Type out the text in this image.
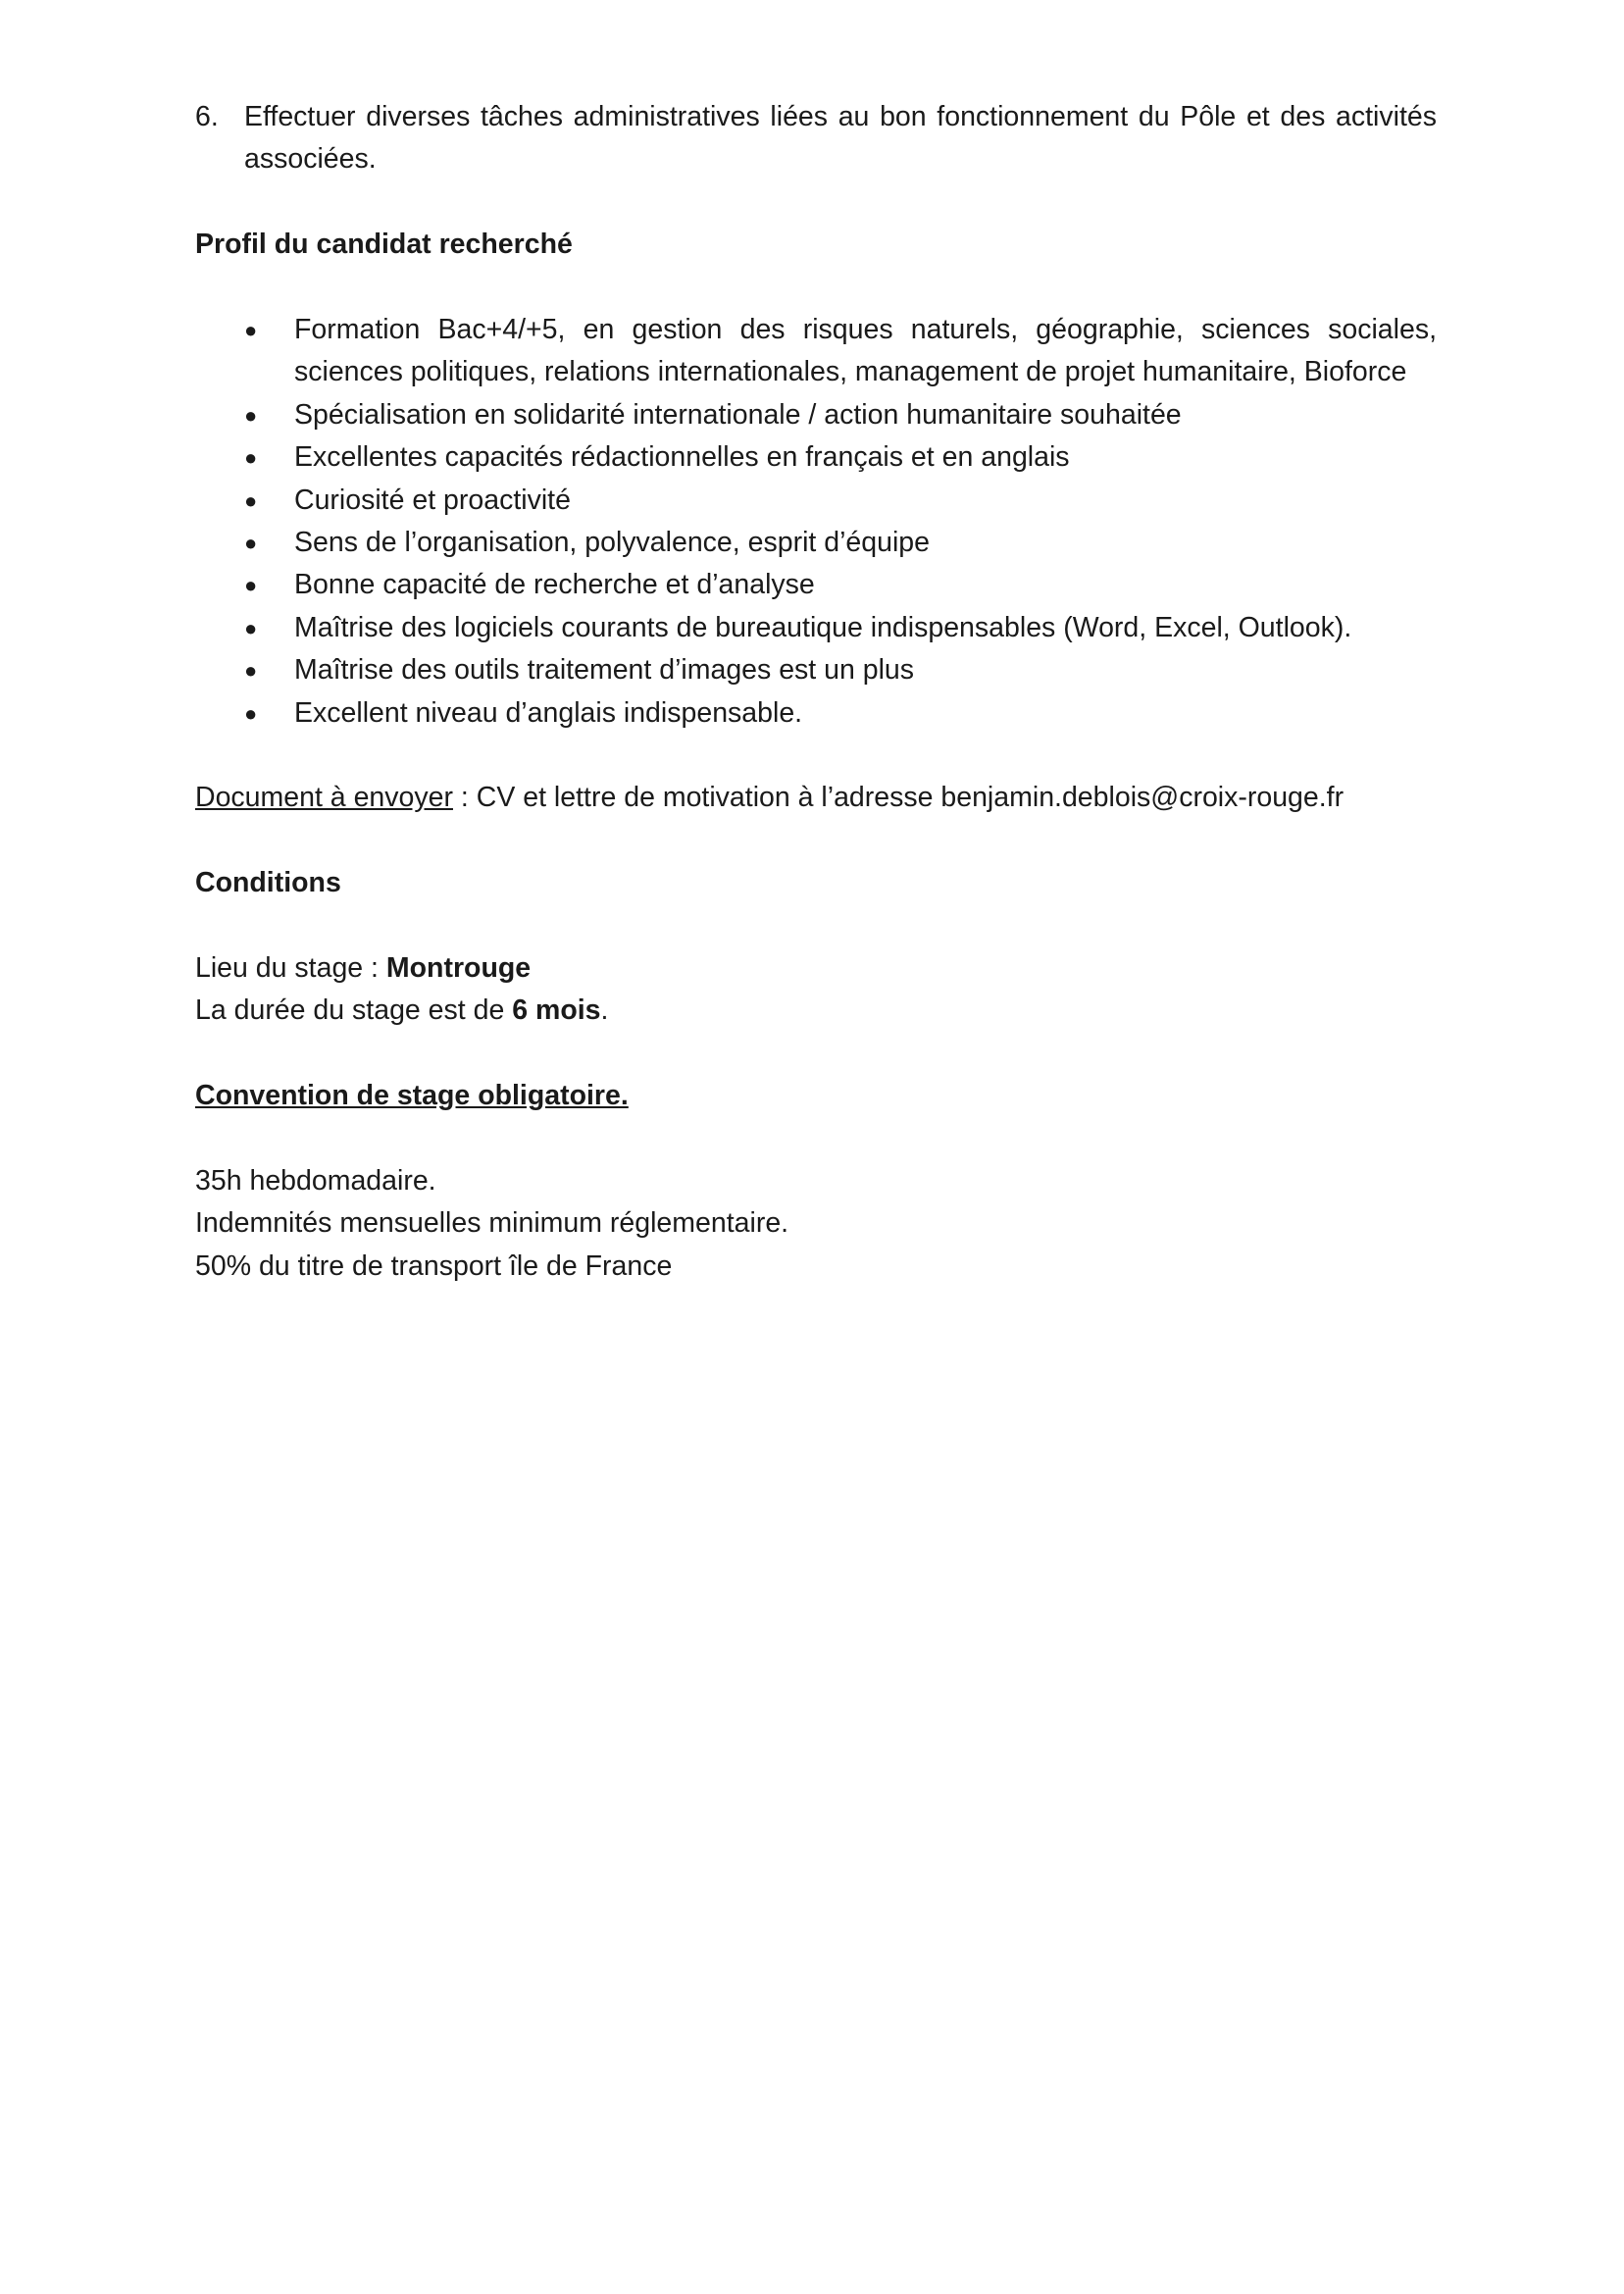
6. Effectuer diverses tâches administratives liées au bon fonctionnement du Pôle et des activités associées.
Profil du candidat recherché
●	Formation Bac+4/+5, en gestion des risques naturels, géographie, sciences sociales, sciences politiques, relations internationales, management de projet humanitaire, Bioforce
●	Spécialisation en solidarité internationale / action humanitaire souhaitée
●	Excellentes capacités rédactionnelles en français et en anglais
●	Curiosité et proactivité
●	Sens de l’organisation, polyvalence, esprit d’équipe
●	Bonne capacité de recherche et d’analyse
●	Maîtrise des logiciels courants de bureautique indispensables (Word, Excel, Outlook).
●	Maîtrise des outils traitement d’images est un plus
●	Excellent niveau d’anglais indispensable.
Document à envoyer : CV et lettre de motivation à l’adresse benjamin.deblois@croix-rouge.fr
Conditions
Lieu du stage : Montrouge
La durée du stage est de 6 mois.
Convention de stage obligatoire.
35h hebdomadaire.
Indemnités mensuelles minimum réglementaire.
50% du titre de transport île de France
